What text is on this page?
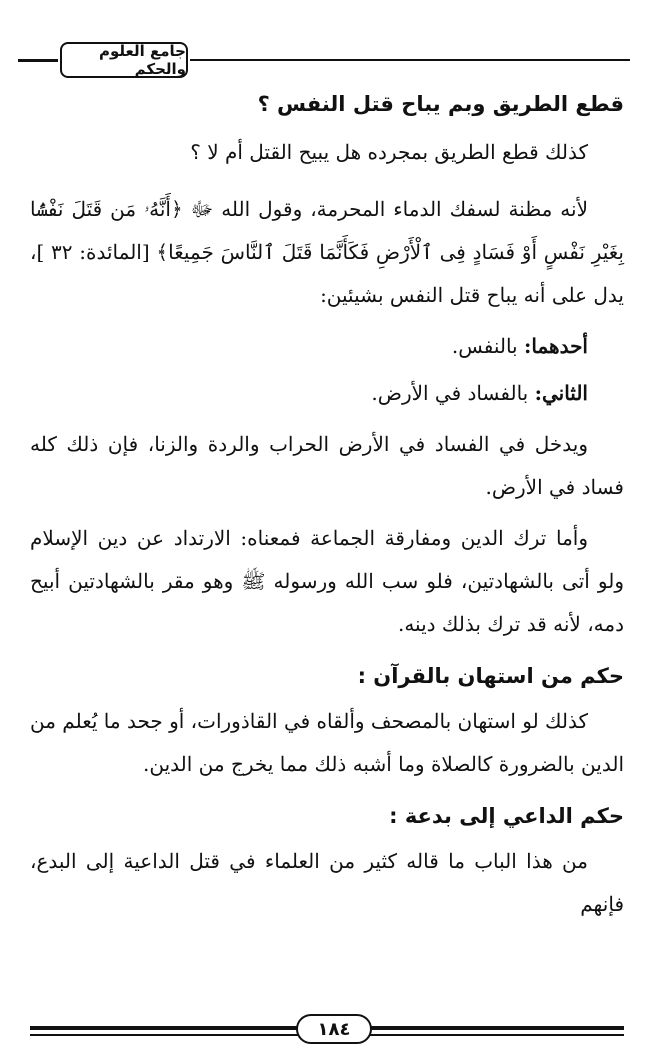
جامع العلوم والحكم
قطع الطريق وبم يباح قتل النفس ؟

كذلك قطع الطريق بمجرده هل يبيح القتل أم لا ؟

لأنه مظنة لسفك الدماء المحرمة، وقول الله ﷻ ﴿أَنَّهُۥ مَن قَتَلَ نَفْسًۢا بِغَيْرِ نَفْسٍ أَوْ فَسَادٍ فِى ٱلْأَرْضِ فَكَأَنَّمَا قَتَلَ ٱلنَّاسَ جَمِيعًا﴾ [المائدة: ٣٢ ]، يدل على أنه يباح قتل النفس بشيئين:

أحدهما: بالنفس.

الثاني: بالفساد في الأرض.

ويدخل في الفساد في الأرض الحراب والردة والزنا، فإن ذلك كله فساد في الأرض.

وأما ترك الدين ومفارقة الجماعة فمعناه: الارتداد عن دين الإسلام ولو أتى بالشهادتين، فلو سب الله ورسوله ﷺ وهو مقر بالشهادتين أبيح دمه، لأنه قد ترك بذلك دينه.

حكم من استهان بالقرآن :

كذلك لو استهان بالمصحف وألقاه في القاذورات، أو جحد ما يُعلم من الدين بالضرورة كالصلاة وما أشبه ذلك مما يخرج من الدين.

حكم الداعي إلى بدعة :

من هذا الباب ما قاله كثير من العلماء في قتل الداعية إلى البدع، فإنهم

١٨٤
